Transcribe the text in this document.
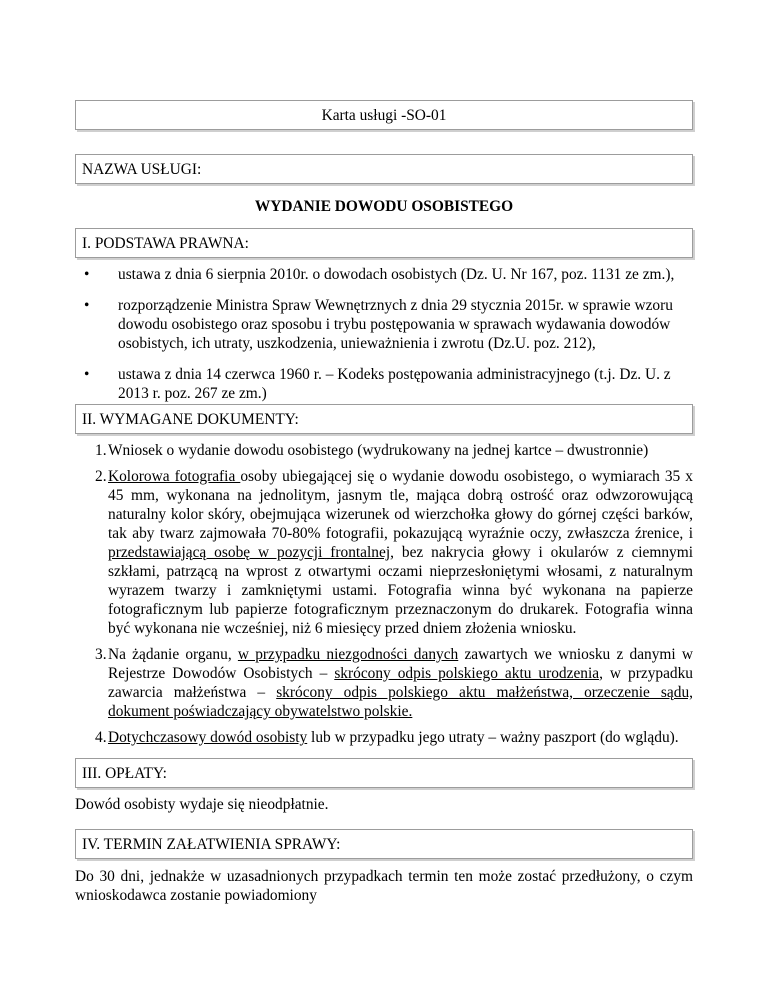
Karta usługi -SO-01
NAZWA USŁUGI:
WYDANIE DOWODU OSOBISTEGO
I. PODSTAWA PRAWNA:
• ustawa z dnia 6 sierpnia 2010r. o dowodach osobistych (Dz. U. Nr 167, poz. 1131 ze zm.),
• rozporządzenie Ministra Spraw Wewnętrznych z dnia 29 stycznia 2015r. w sprawie wzoru dowodu osobistego oraz sposobu i trybu postępowania w sprawach wydawania dowodów osobistych, ich utraty, uszkodzenia, unieważnienia i zwrotu (Dz.U. poz. 212),
• ustawa z dnia 14 czerwca 1960 r. – Kodeks postępowania administracyjnego (t.j. Dz. U. z 2013 r. poz. 267 ze zm.)
II. WYMAGANE DOKUMENTY:
1. Wniosek o wydanie dowodu osobistego (wydrukowany na jednej kartce – dwustronnie)
2. Kolorowa fotografia osoby ubiegającej się o wydanie dowodu osobistego, o wymiarach 35 x 45 mm, wykonana na jednolitym, jasnym tle, mająca dobrą ostrość oraz odwzorowującą naturalny kolor skóry, obejmująca wizerunek od wierzchołka głowy do górnej części barków, tak aby twarz zajmowała 70-80% fotografii, pokazującą wyraźnie oczy, zwłaszcza źrenice, i przedstawiającą osobę w pozycji frontalnej, bez nakrycia głowy i okularów z ciemnymi szkłami, patrzącą na wprost z otwartymi oczami nieprzesłoniętymi włosami, z naturalnym wyrazem twarzy i zamkniętymi ustami. Fotografia winna być wykonana na papierze fotograficznym lub papierze fotograficznym przeznaczonym do drukarek. Fotografia winna być wykonana nie wcześniej, niż 6 miesięcy przed dniem złożenia wniosku.
3. Na żądanie organu, w przypadku niezgodności danych zawartych we wniosku z danymi w Rejestrze Dowodów Osobistych – skrócony odpis polskiego aktu urodzenia, w przypadku zawarcia małżeństwa – skrócony odpis polskiego aktu małżeństwa, orzeczenie sądu, dokument poświadczający obywatelstwo polskie.
4. Dotychczasowy dowód osobisty lub w przypadku jego utraty – ważny paszport (do wglądu).
III. OPŁATY:
Dowód osobisty wydaje się nieodpłatnie.
IV. TERMIN ZAŁATWIENIA SPRAWY:
Do 30 dni, jednakże w uzasadnionych przypadkach termin ten może zostać przedłużony, o czym wnioskodawca zostanie powiadomiony
